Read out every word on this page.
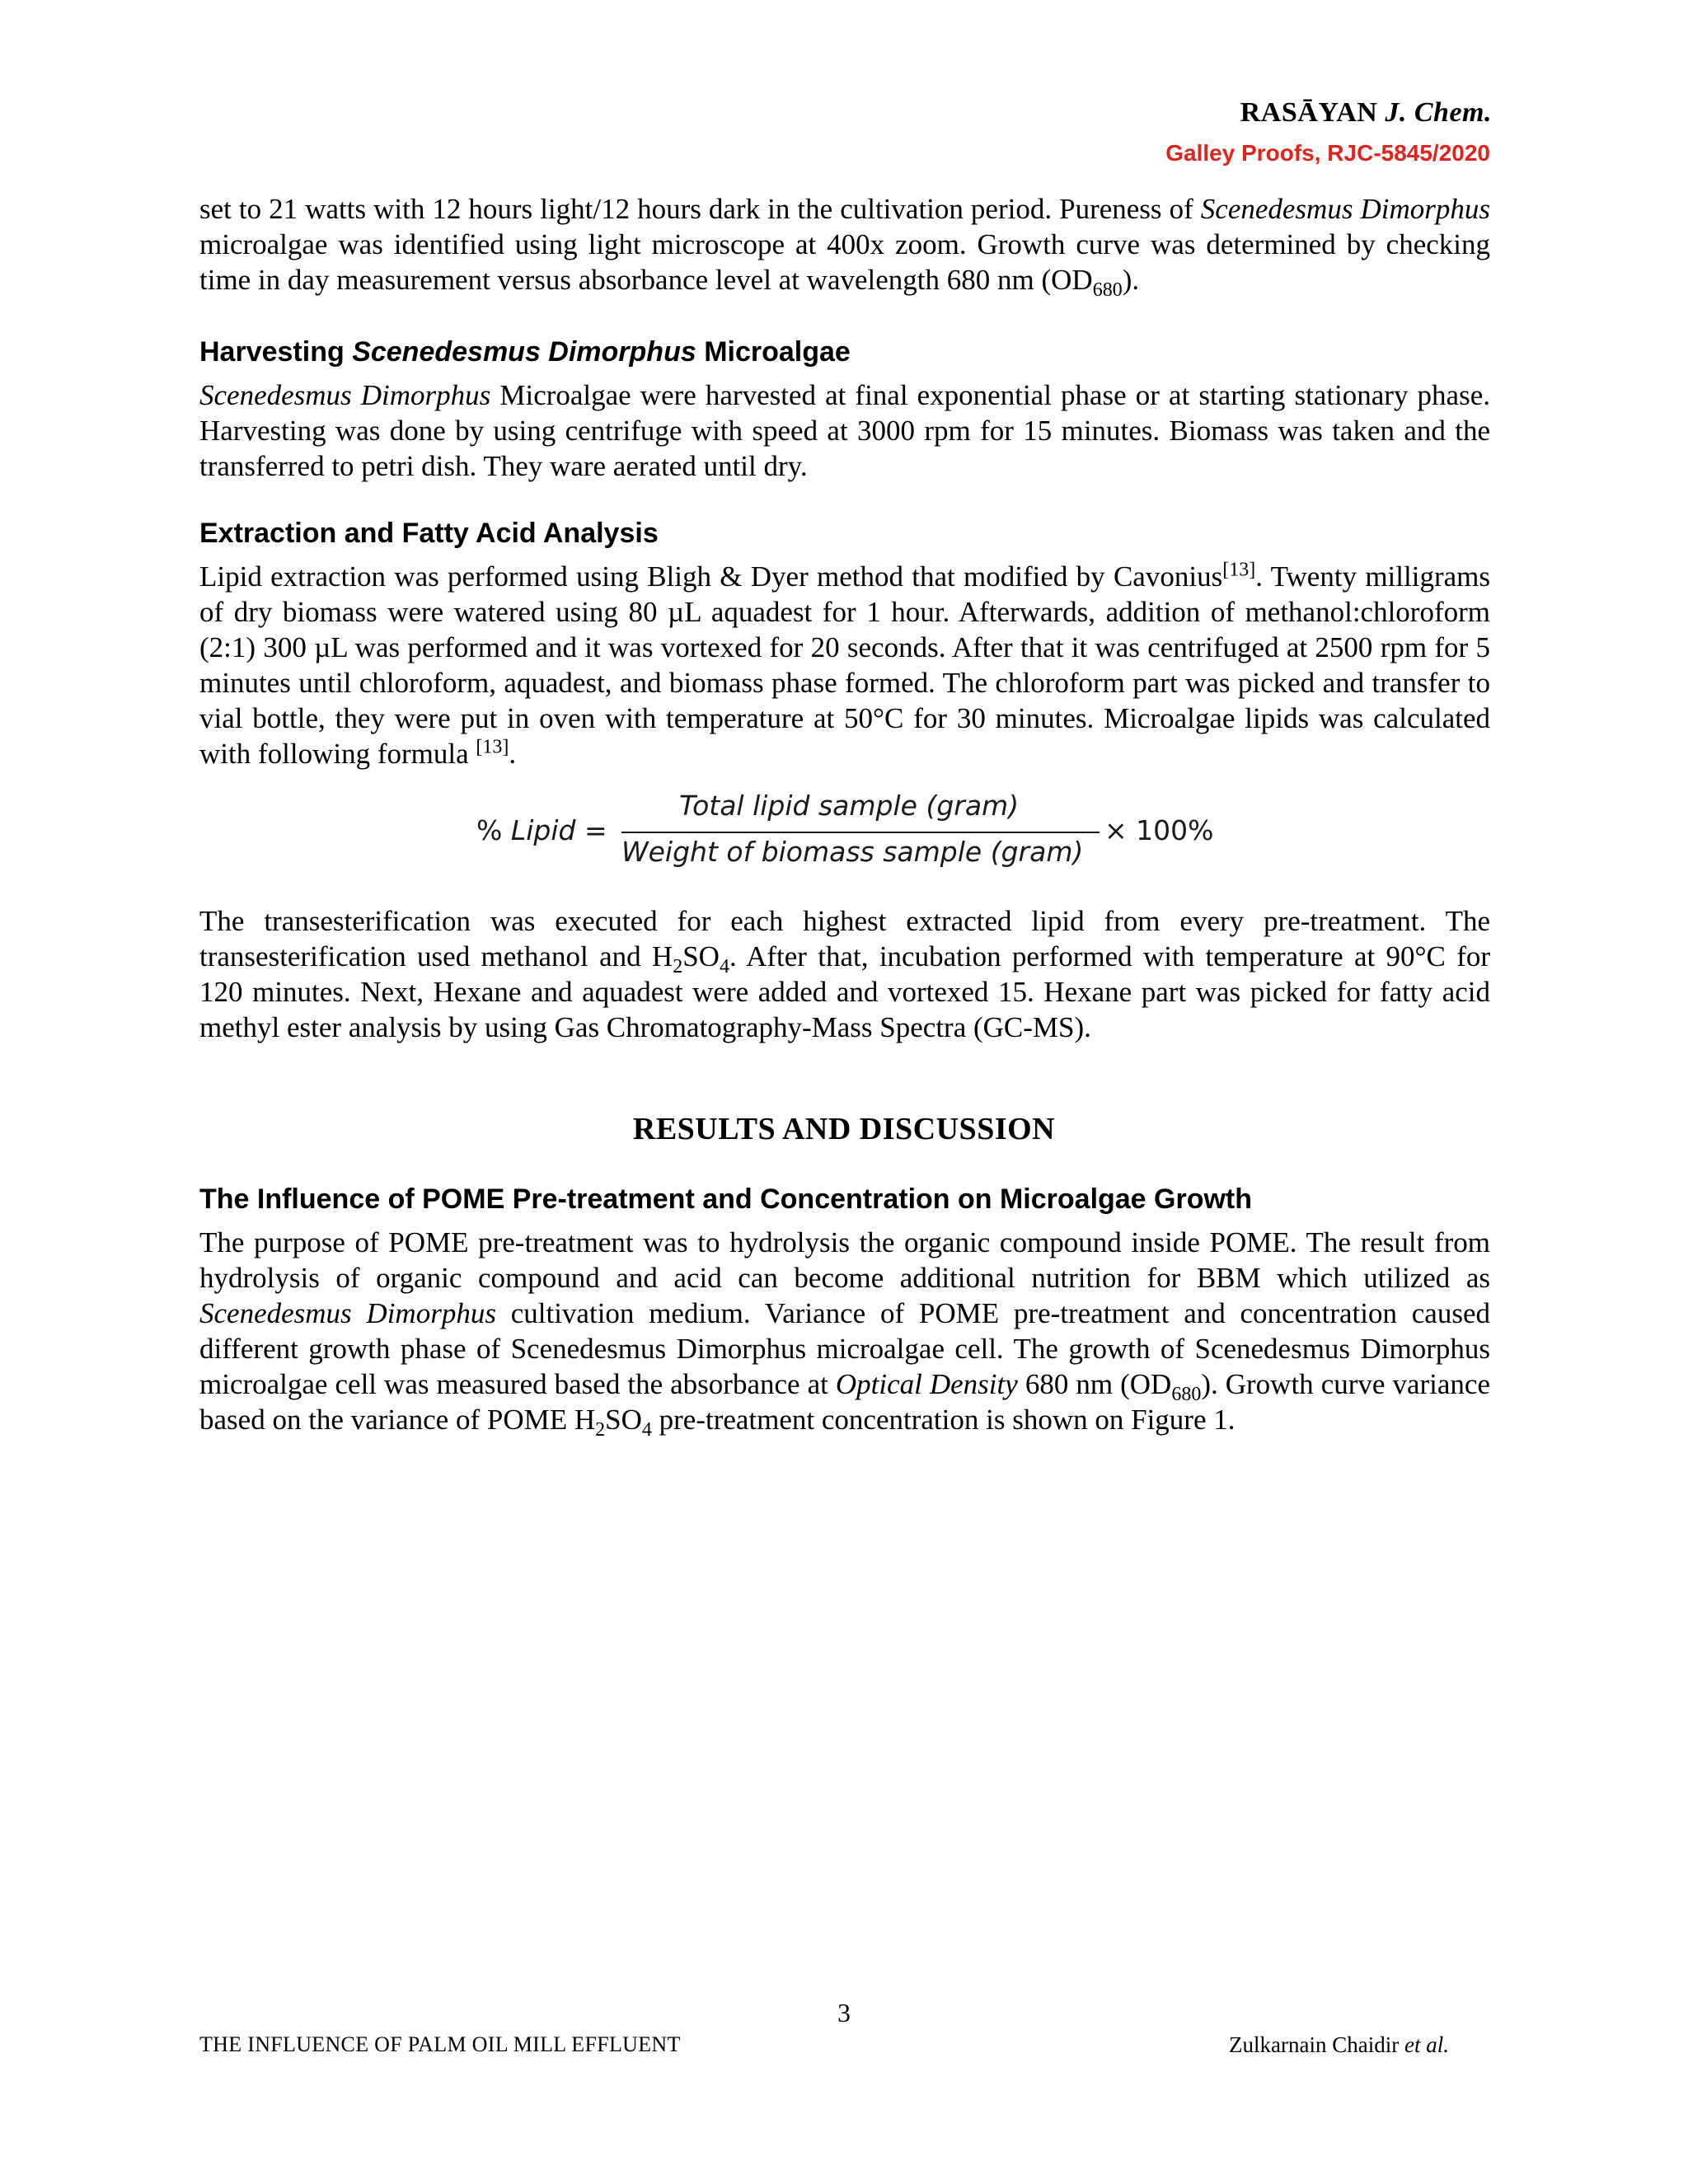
RASĀYAN J. Chem.
Galley Proofs, RJC-5845/2020

set to 21 watts with 12 hours light/12 hours dark in the cultivation period. Pureness of Scenedesmus Dimorphus microalgae was identified using light microscope at 400x zoom. Growth curve was determined by checking time in day measurement versus absorbance level at wavelength 680 nm $(OD_{680})$.

Harvesting Scenedesmus Dimorphus Microalgae

Scenedesmus Dimorphus Microalgae were harvested at final exponential phase or at starting stationary phase. Harvesting was done by using centrifuge with speed at 3000 rpm for 15 minutes. Biomass was taken and the transferred to petri dish. They ware aerated until dry.

Extraction and Fatty Acid Analysis

Lipid extraction was performed using Bligh & Dyer method that modified by Cavonius[13]. Twenty milligrams of dry biomass were watered using 80 µL aquadest for 1 hour. Afterwards, addition of methanol:chloroform (2:1) 300 µL was performed and it was vortexed for 20 seconds. After that it was centrifuged at 2500 rpm for 5 minutes until chloroform, aquadest, and biomass phase formed. The chloroform part was picked and transfer to vial bottle, they were put in oven with temperature at 50°C for 30 minutes. Microalgae lipids was calculated with following formula [13].

% Lipid =
Total lipid sample (gram)
Weight of biomass sample (gram)
× 100%

The transesterification was executed for each highest extracted lipid from every pre-treatment. The transesterification used methanol and $H_2SO_4$. After that, incubation performed with temperature at 90°C for 120 minutes. Next, Hexane and aquadest were added and vortexed 15. Hexane part was picked for fatty acid methyl ester analysis by using Gas Chromatography-Mass Spectra (GC-MS).

RESULTS AND DISCUSSION
The Influence of POME Pre-treatment and Concentration on Microalgae Growth

The purpose of POME pre-treatment was to hydrolysis the organic compound inside POME. The result from hydrolysis of organic compound and acid can become additional nutrition for BBM which utilized as Scenedesmus Dimorphus cultivation medium. Variance of POME pre-treatment and concentration caused different growth phase of Scenedesmus Dimorphus microalgae cell. The growth of Scenedesmus Dimorphus microalgae cell was measured based the absorbance at Optical Density 680 nm $(OD_{680})$. Growth curve variance based on the variance of POME $H_2SO_4$ pre-treatment concentration is shown on Figure 1.

3
THE INFLUENCE OF PALM OIL MILL EFFLUENT	Zulkarnain Chaidir et al.
